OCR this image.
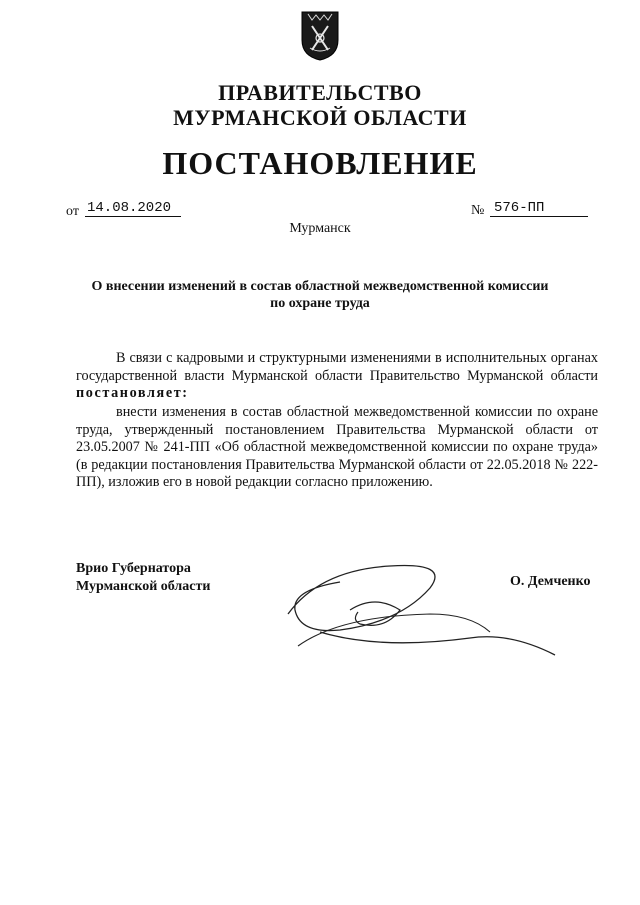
ПРАВИТЕЛЬСТВО
МУРМАНСКОЙ ОБЛАСТИ
ПОСТАНОВЛЕНИЕ
от 14.08.2020	№ 576-ПП
Мурманск
О внесении изменений в состав областной межведомственной комиссии по охране труда
В связи с кадровыми и структурными изменениями в исполнительных органах государственной власти Мурманской области Правительство Мурманской области постановляет:
внести изменения в состав областной межведомственной комиссии по охране труда, утвержденный постановлением Правительства Мурманской области от 23.05.2007 № 241-ПП «Об областной межведомственной комиссии по охране труда» (в редакции постановления Правительства Мурманской области от 22.05.2018 № 222-ПП), изложив его в новой редакции согласно приложению.
Врио Губернатора
Мурманской области	О. Демченко
